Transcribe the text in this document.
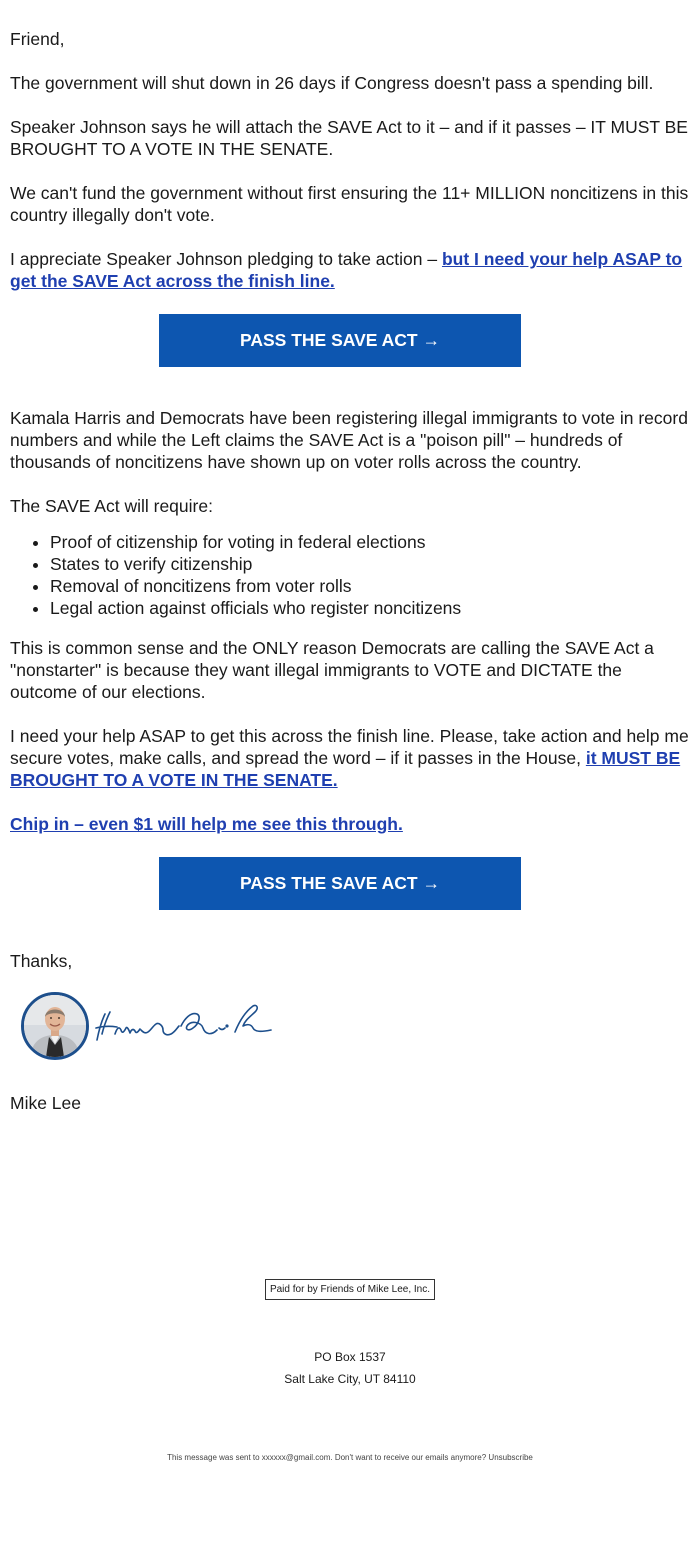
Friend,

The government will shut down in 26 days if Congress doesn't pass a spending bill.

Speaker Johnson says he will attach the SAVE Act to it – and if it passes – IT MUST BE BROUGHT TO A VOTE IN THE SENATE.

We can't fund the government without first ensuring the 11+ MILLION noncitizens in this country illegally don't vote.

I appreciate Speaker Johnson pledging to take action – but I need your help ASAP to get the SAVE Act across the finish line.

PASS THE SAVE ACT →

Kamala Harris and Democrats have been registering illegal immigrants to vote in record numbers and while the Left claims the SAVE Act is a "poison pill" – hundreds of thousands of noncitizens have shown up on voter rolls across the country.

The SAVE Act will require:

• Proof of citizenship for voting in federal elections
• States to verify citizenship
• Removal of noncitizens from voter rolls
• Legal action against officials who register noncitizens

This is common sense and the ONLY reason Democrats are calling the SAVE Act a "nonstarter" is because they want illegal immigrants to VOTE and DICTATE the outcome of our elections.

I need your help ASAP to get this across the finish line. Please, take action and help me secure votes, make calls, and spread the word – if it passes in the House, it MUST BE BROUGHT TO A VOTE IN THE SENATE.

Chip in – even $1 will help me see this through.

PASS THE SAVE ACT →

Thanks,

Mike Lee

Paid for by Friends of Mike Lee, Inc.
PO Box 1537
Salt Lake City, UT 84110
This message was sent to xxxxxx@gmail.com. Don't want to receive our emails anymore? Unsubscribe
